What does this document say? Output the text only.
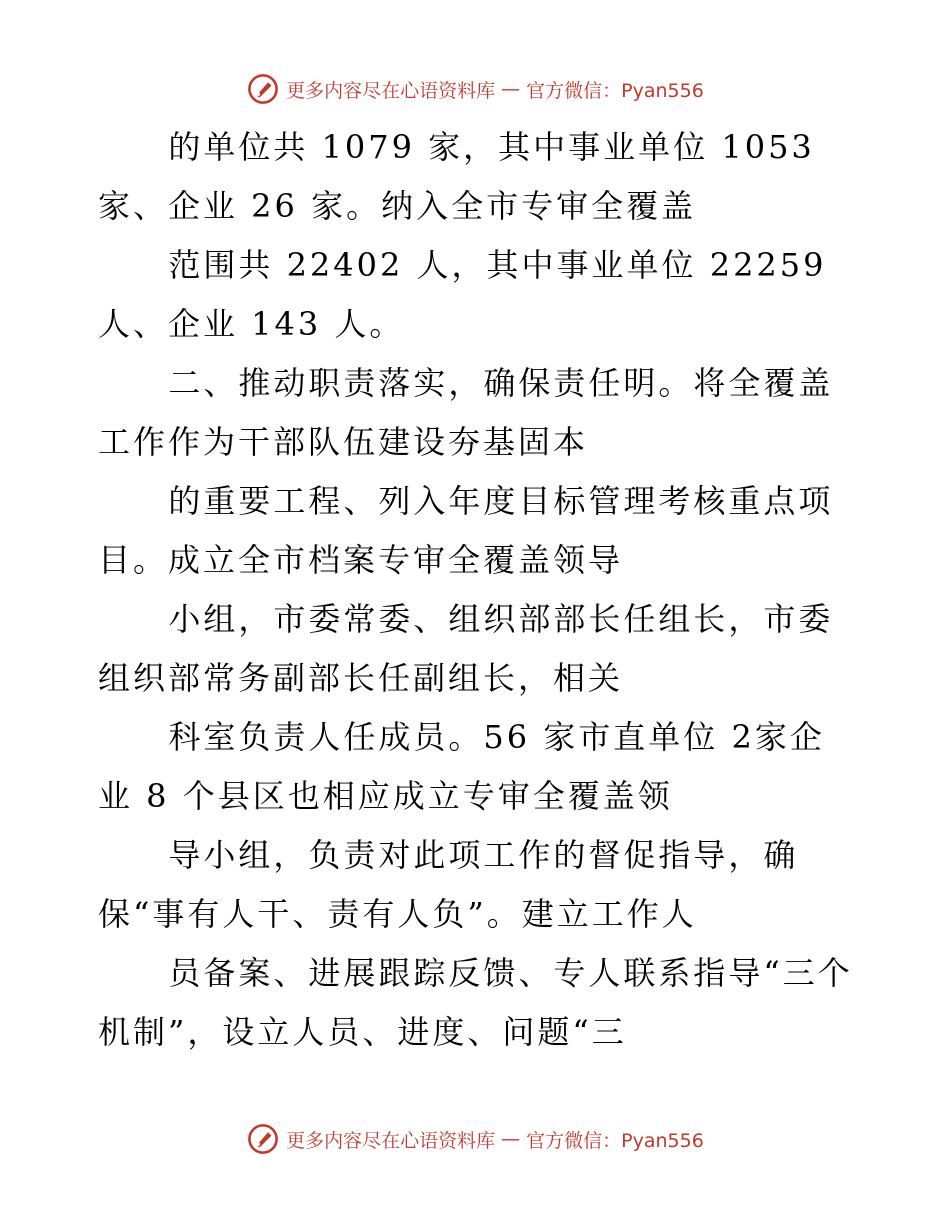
更多内容尽在心语资料库 — 官方微信：Pyan556

的单位共 1079 家，其中事业单位 1053 家、企业 26 家。纳入全市专审全覆盖

范围共 22402 人，其中事业单位 22259 人、企业 143 人。

二、推动职责落实，确保责任明。将全覆盖工作作为干部队伍建设夯基固本

的重要工程、列入年度目标管理考核重点项目。成立全市档案专审全覆盖领导

小组，市委常委、组织部部长任组长，市委组织部常务副部长任副组长，相关

科室负责人任成员。56 家市直单位 2家企业 8 个县区也相应成立专审全覆盖领

导小组，负责对此项工作的督促指导，确保“事有人干、责有人负”。建立工作人

员备案、进展跟踪反馈、专人联系指导“三个机制”，设立人员、进度、问题“三

更多内容尽在心语资料库 — 官方微信：Pyan556
